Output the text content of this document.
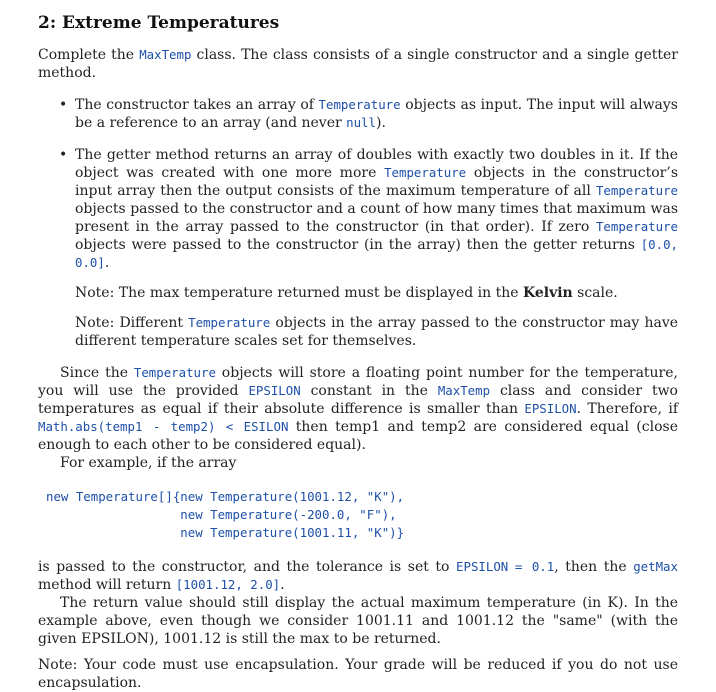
2: Extreme Temperatures

Complete the MaxTemp class. The class consists of a single constructor and a single getter method.

• The constructor takes an array of Temperature objects as input. The input will always be a reference to an array (and never null).

• The getter method returns an array of doubles with exactly two doubles in it. If the object was created with one more more Temperature objects in the constructor’s input array then the output consists of the maximum temperature of all Temperature objects passed to the constructor and a count of how many times that maximum was present in the array passed to the constructor (in that order). If zero Temperature objects were passed to the constructor (in the array) then the getter returns [0.0, 0.0].

Note: The max temperature returned must be displayed in the Kelvin scale.

Note: Different Temperature objects in the array passed to the constructor may have different temperature scales set for themselves.

Since the Temperature objects will store a floating point number for the temperature, you will use the provided EPSILON constant in the MaxTemp class and consider two temperatures as equal if their absolute difference is smaller than EPSILON. Therefore, if Math.abs(temp1 - temp2) < ESILON then temp1 and temp2 are considered equal (close enough to each other to be considered equal).

For example, if the array

new Temperature[]{new Temperature(1001.12, "K"),
new Temperature(-200.0, "F"),
new Temperature(1001.11, "K")}

is passed to the constructor, and the tolerance is set to EPSILON = 0.1, then the getMax method will return [1001.12, 2.0].

The return value should still display the actual maximum temperature (in K). In the example above, even though we consider 1001.11 and 1001.12 the "same" (with the given EPSILON), 1001.12 is still the max to be returned.

Note: Your code must use encapsulation. Your grade will be reduced if you do not use encapsulation.
